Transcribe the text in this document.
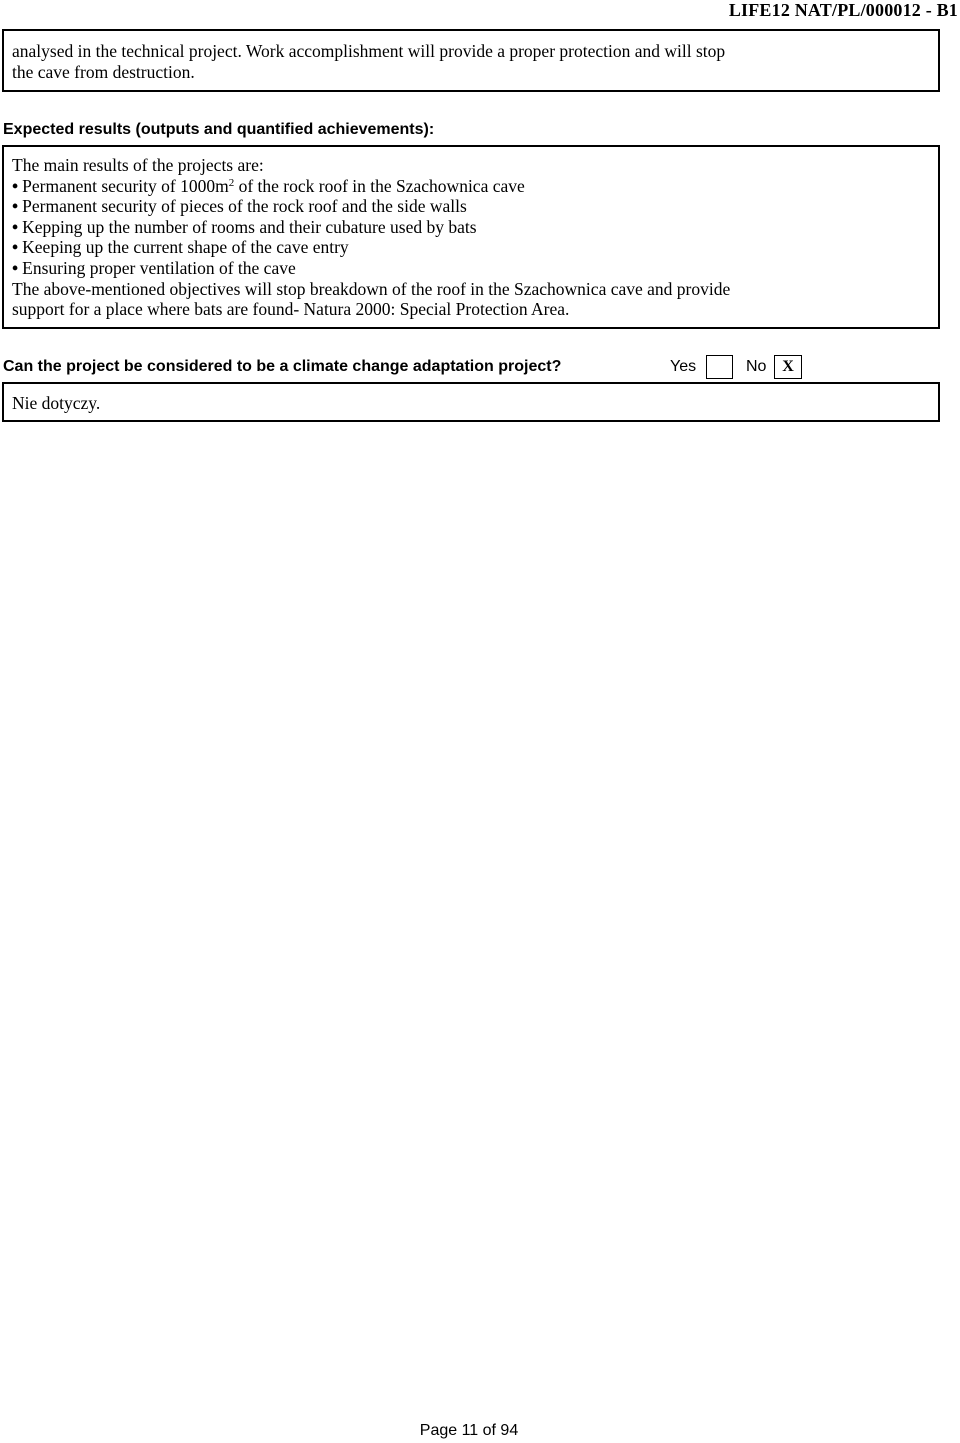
LIFE12 NAT/PL/000012 - B1

analysed in the technical project. Work accomplishment will provide a proper protection and will stop

the cave from destruction.

Expected results (outputs and quantified achievements):

The main results of the projects are:

• Permanent security of $1000m^2$ of the rock roof in the Szachownica cave

• Permanent security of pieces of the rock roof and the side walls

• Kepping up the number of rooms and their cubature used by bats

• Keeping up the current shape of the cave entry

• Ensuring proper ventilation of the cave

The above-mentioned objectives will stop breakdown of the roof in the Szachownica cave and provide

support for a place where bats are found- Natura 2000: Special Protection Area.

Can the project be considered to be a climate change adaptation project?	Yes	No X

Nie dotyczy.

Page 11 of 94
